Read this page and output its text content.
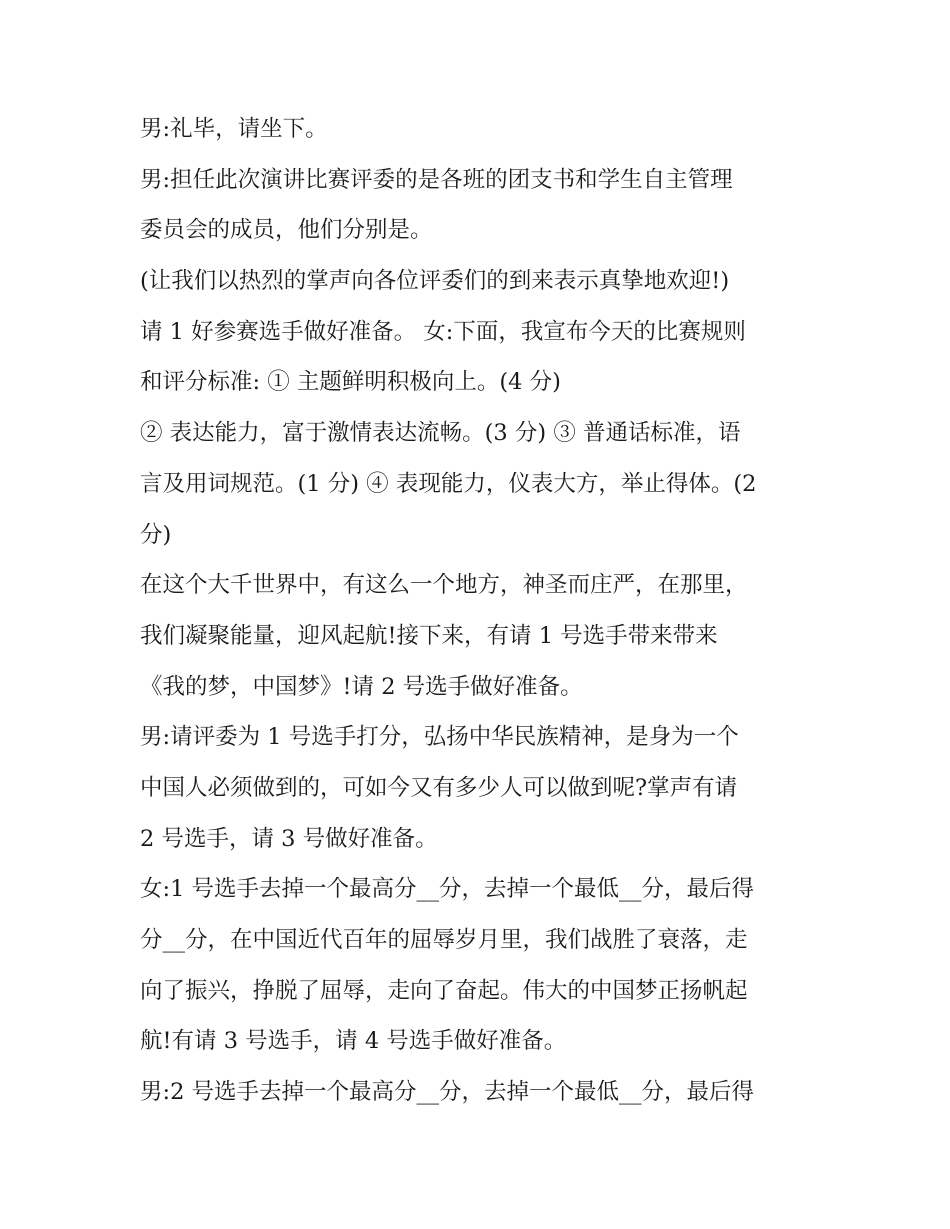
男:礼毕，请坐下。
男:担任此次演讲比赛评委的是各班的团支书和学生自主管理
委员会的成员，他们分别是。
(让我们以热烈的掌声向各位评委们的到来表示真挚地欢迎!)
请 1 好参赛选手做好准备。 女:下面，我宣布今天的比赛规则
和评分标准: ① 主题鲜明积极向上。(4 分)
② 表达能力，富于激情表达流畅。(3 分) ③ 普通话标准，语
言及用词规范。(1 分) ④ 表现能力，仪表大方，举止得体。(2
分)
在这个大千世界中，有这么一个地方，神圣而庄严，在那里，
我们凝聚能量，迎风起航!接下来，有请 1 号选手带来带来
《我的梦，中国梦》!请 2 号选手做好准备。
男:请评委为 1 号选手打分，弘扬中华民族精神，是身为一个
中国人必须做到的，可如今又有多少人可以做到呢?掌声有请
2 号选手，请 3 号做好准备。
女:1 号选手去掉一个最高分__分，去掉一个最低__分，最后得
分__分，在中国近代百年的屈辱岁月里，我们战胜了衰落，走
向了振兴，挣脱了屈辱，走向了奋起。伟大的中国梦正扬帆起
航!有请 3 号选手，请 4 号选手做好准备。
男:2 号选手去掉一个最高分__分，去掉一个最低__分，最后得
